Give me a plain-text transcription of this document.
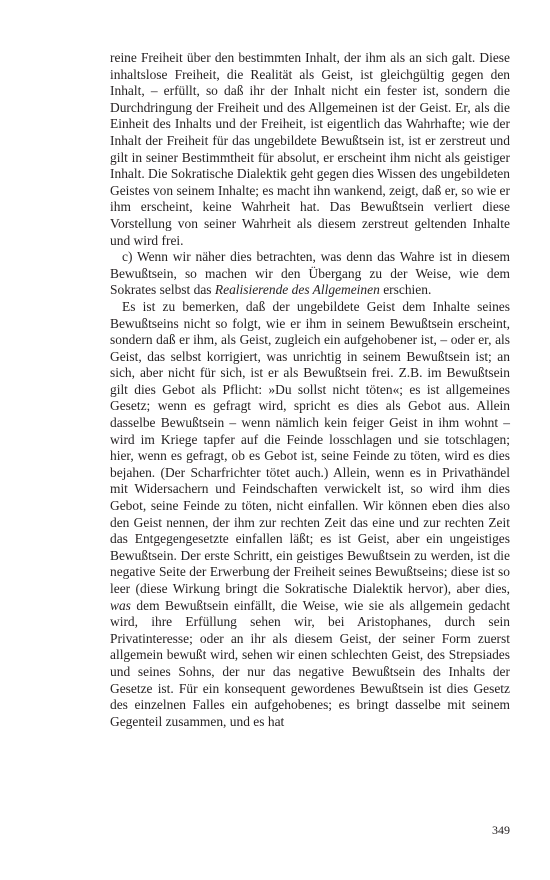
reine Freiheit über den bestimmten Inhalt, der ihm als an sich galt. Diese inhaltslose Freiheit, die Realität als Geist, ist gleichgültig gegen den Inhalt, – erfüllt, so daß ihr der Inhalt nicht ein fester ist, sondern die Durchdringung der Freiheit und des Allgemeinen ist der Geist. Er, als die Einheit des Inhalts und der Freiheit, ist eigentlich das Wahrhafte; wie der Inhalt der Freiheit für das ungebildete Bewußtsein ist, ist er zerstreut und gilt in seiner Bestimmtheit für absolut, er erscheint ihm nicht als geistiger Inhalt. Die Sokratische Dialektik geht gegen dies Wissen des ungebildeten Geistes von seinem Inhalte; es macht ihn wankend, zeigt, daß er, so wie er ihm erscheint, keine Wahrheit hat. Das Bewußtsein verliert diese Vorstellung von seiner Wahrheit als diesem zerstreut geltenden Inhalte und wird frei.

c) Wenn wir näher dies betrachten, was denn das Wahre ist in diesem Bewußtsein, so machen wir den Übergang zu der Weise, wie dem Sokrates selbst das Realisierende des Allgemeinen erschien.

Es ist zu bemerken, daß der ungebildete Geist dem Inhalte seines Bewußtseins nicht so folgt, wie er ihm in seinem Bewußtsein erscheint, sondern daß er ihm, als Geist, zugleich ein aufgehobener ist, – oder er, als Geist, das selbst korrigiert, was unrichtig in seinem Bewußtsein ist; an sich, aber nicht für sich, ist er als Bewußtsein frei. Z.B. im Bewußtsein gilt dies Gebot als Pflicht: »Du sollst nicht töten«; es ist allgemeines Gesetz; wenn es gefragt wird, spricht es dies als Gebot aus. Allein dasselbe Bewußtsein – wenn nämlich kein feiger Geist in ihm wohnt – wird im Kriege tapfer auf die Feinde losschlagen und sie totschlagen; hier, wenn es gefragt, ob es Gebot ist, seine Feinde zu töten, wird es dies bejahen. (Der Scharfrichter tötet auch.) Allein, wenn es in Privathändel mit Widersachern und Feindschaften verwickelt ist, so wird ihm dies Gebot, seine Feinde zu töten, nicht einfallen. Wir können eben dies also den Geist nennen, der ihm zur rechten Zeit das eine und zur rechten Zeit das Entgegengesetzte einfallen läßt; es ist Geist, aber ein ungeistiges Bewußtsein. Der erste Schritt, ein geistiges Bewußtsein zu werden, ist die negative Seite der Erwerbung der Freiheit seines Bewußtseins; diese ist so leer (diese Wirkung bringt die Sokratische Dialektik hervor), aber dies, was dem Bewußtsein einfällt, die Weise, wie sie als allgemein gedacht wird, ihre Erfüllung sehen wir, bei Aristophanes, durch sein Privatinteresse; oder an ihr als diesem Geist, der seiner Form zuerst allgemein bewußt wird, sehen wir einen schlechten Geist, des Strepsiades und seines Sohns, der nur das negative Bewußtsein des Inhalts der Gesetze ist. Für ein konsequent gewordenes Bewußtsein ist dies Gesetz des einzelnen Falles ein aufgehobenes; es bringt dasselbe mit seinem Gegenteil zusammen, und es hat

349
